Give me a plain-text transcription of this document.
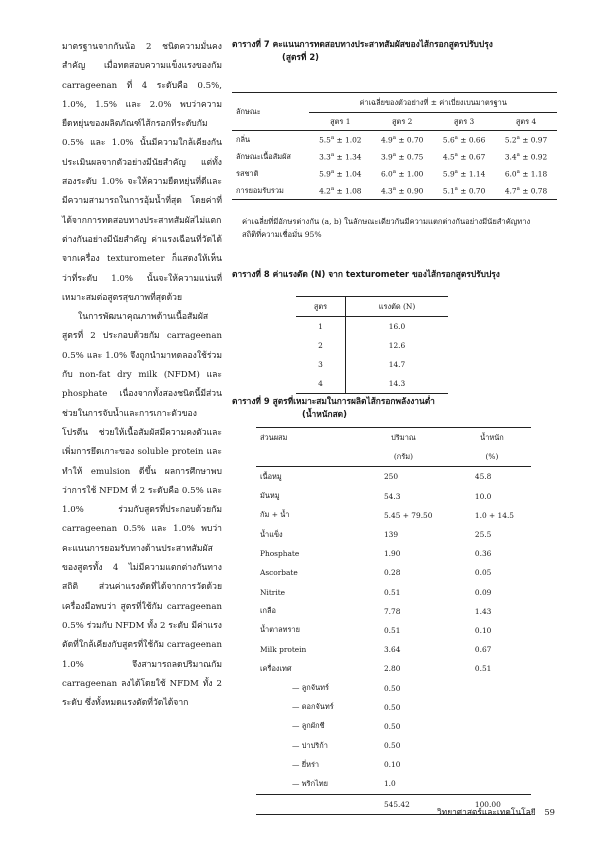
มาตรฐานจากกันน้อ 2 ชนิดความมั่นคงสำคัญ เมื่อทดสอบความแข็งแรงของกัม carrageenan ที่ 4 ระดับคือ 0.5%, 1.0%, 1.5% และ 2.0% พบว่าความยืดหยุ่นของผลิตภัณฑ์ไส้กรอกที่ระดับกัม 0.5% และ 1.0% นั้นมีความใกล้เคียงกัน ประเมินผลจากตัวอย่างมีนัยสำคัญ แต่ทั้งสองระดับ 1.0% จะให้ความยืดหยุ่นที่ดีและมีความสามารถในการอุ้มน้ำที่สุด โดยค่าที่ได้จากการทดสอบทางประสาทสัมผัสไม่แตกต่างกันอย่างมีนัยสำคัญ ค่าแรงเฉือนที่วัดได้จากเครื่อง texturometer ก็แสดงให้เห็นว่าที่ระดับ 1.0% นั้นจะให้ความแน่นที่เหมาะสมต่อสูตรสุขภาพที่สุดด้วย

ในการพัฒนาคุณภาพด้านเนื้อสัมผัส สูตรที่ 2 ประกอบด้วยกัม carrageenan 0.5% และ 1.0% จึงถูกนำมาทดลองใช้ร่วมกับ non-fat dry milk (NFDM) และ phosphate เนื่องจากทั้งสองชนิดนี้มีส่วนช่วยในการจับน้ำและการเกาะตัวของโปรตีน ช่วยให้เนื้อสัมผัสมีความคงตัวและเพิ่มการยึดเกาะของ soluble protein และทำให้ emulsion ดีขึ้น ผลการศึกษาพบว่าการใช้ NFDM ที่ 2 ระดับคือ 0.5% และ 1.0% ร่วมกับสูตรที่ประกอบด้วยกัม carrageenan 0.5% และ 1.0% พบว่าคะแนนการยอมรับทางด้านประสาทสัมผัสของสูตรทั้ง 4 ไม่มีความแตกต่างกันทางสถิติ ส่วนค่าแรงตัดที่ได้จากการวัดด้วยเครื่องมือพบว่า สูตรที่ใช้กัม carrageenan 0.5% ร่วมกับ NFDM ทั้ง 2 ระดับ มีค่าแรงตัดที่ใกล้เคียงกับสูตรที่ใช้กัม carrageenan 1.0% จึงสามารถลดปริมาณกัม carrageenan ลงได้โดยใช้ NFDM ทั้ง 2 ระดับ ซึ่งทั้งหมดแรงตัดที่วัดได้จาก

ตารางที่ 7 คะแนนการทดสอบทางประสาทสัมผัสของไส้กรอกสูตรปรับปรุง

(สูตรที่ 2)

ลักษณะ	ค่าเฉลี่ยของตัวอย่างที่ ± ค่าเบี่ยงเบนมาตรฐาน			
	สูตร 1	สูตร 2	สูตร 3	สูตร 4
กลิ่น	5.5$^a$ ± 1.02	4.9$^a$ ± 0.70	5.6$^a$ ± 0.66	5.2$^a$ ± 0.97
ลักษณะเนื้อสัมผัส	3.3$^a$ ± 1.34	3.9$^a$ ± 0.75	4.5$^a$ ± 0.67	3.4$^a$ ± 0.92
รสชาติ	5.9$^a$ ± 1.04	6.0$^a$ ± 1.00	5.9$^a$ ± 1.14	6.0$^a$ ± 1.18
การยอมรับรวม	4.2$^a$ ± 1.08	4.3$^a$ ± 0.90	5.1$^a$ ± 0.70	4.7$^a$ ± 0.78
ค่าเฉลี่ยที่มีอักษรต่างกัน (a, b) ในลักษณะเดียวกันมีความแตกต่างกันอย่างมีนัยสำคัญทางสถิติที่ความเชื่อมั่น 95%

ตารางที่ 8 ค่าแรงตัด (N) จาก texturometer ของไส้กรอกสูตรปรับปรุง

สูตร	แรงตัด (N)
1	16.0
2	12.6
3	14.7
4	14.3

ตารางที่ 9 สูตรที่เหมาะสมในการผลิตไส้กรอกพลังงานต่ำ

(น้ำหนักสด)

ส่วนผสม	ปริมาณ	น้ำหนัก
	(กรัม)	(%)
เนื้อหมู	250	45.8
มันหมู	54.3	10.0
กัม + น้ำ	5.45 + 79.50	1.0 + 14.5
น้ำแข็ง	139	25.5
Phosphate	1.90	0.36
Ascorbate	0.28	0.05
Nitrite	0.51	0.09
เกลือ	7.78	1.43
น้ำตาลทราย	0.51	0.10
Milk protein	3.64	0.67
เครื่องเทศ	2.80	0.51
— ลูกจันทร์	0.50	
— ดอกจันทร์	0.50	
— ลูกผักชี	0.50	
— ปาปริก้า	0.50	
— ยี่หร่า	0.10	
— พริกไทย	1.0	
	545.42	100.00
วิทยาศาสตร์และเทคโนโลยี 59
